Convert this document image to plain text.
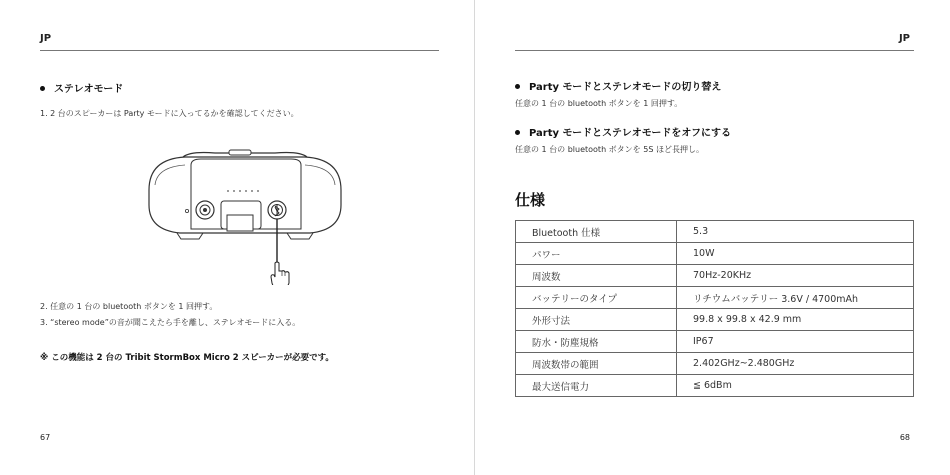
JP
ステレオモード
1. 2 台のスピーカーは Party モードに入ってるかを確認してください。
2. 任意の 1 台の bluetooth ボタンを 1 回押す。
3. “stereo mode”の音が聞こえたら手を離し、ステレオモードに入る。
※ この機能は 2 台の Tribit StormBox Micro 2 スピーカーが必要です。
67
JP
Party モードとステレオモードの切り替え
任意の 1 台の bluetooth ボタンを 1 回押す。
Party モードとステレオモードをオフにする
任意の 1 台の bluetooth ボタンを 5S ほど長押し。
仕様
Bluetooth 仕様	5.3
パワー	10W
周波数	70Hz-20KHz
バッテリーのタイプ	リチウムバッテリー 3.6V / 4700mAh
外形寸法	99.8 x 99.8 x 42.9 mm
防水・防塵規格	IP67
周波数帯の範囲	2.402GHz~2.480GHz
最大送信電力	≦ 6dBm
68
